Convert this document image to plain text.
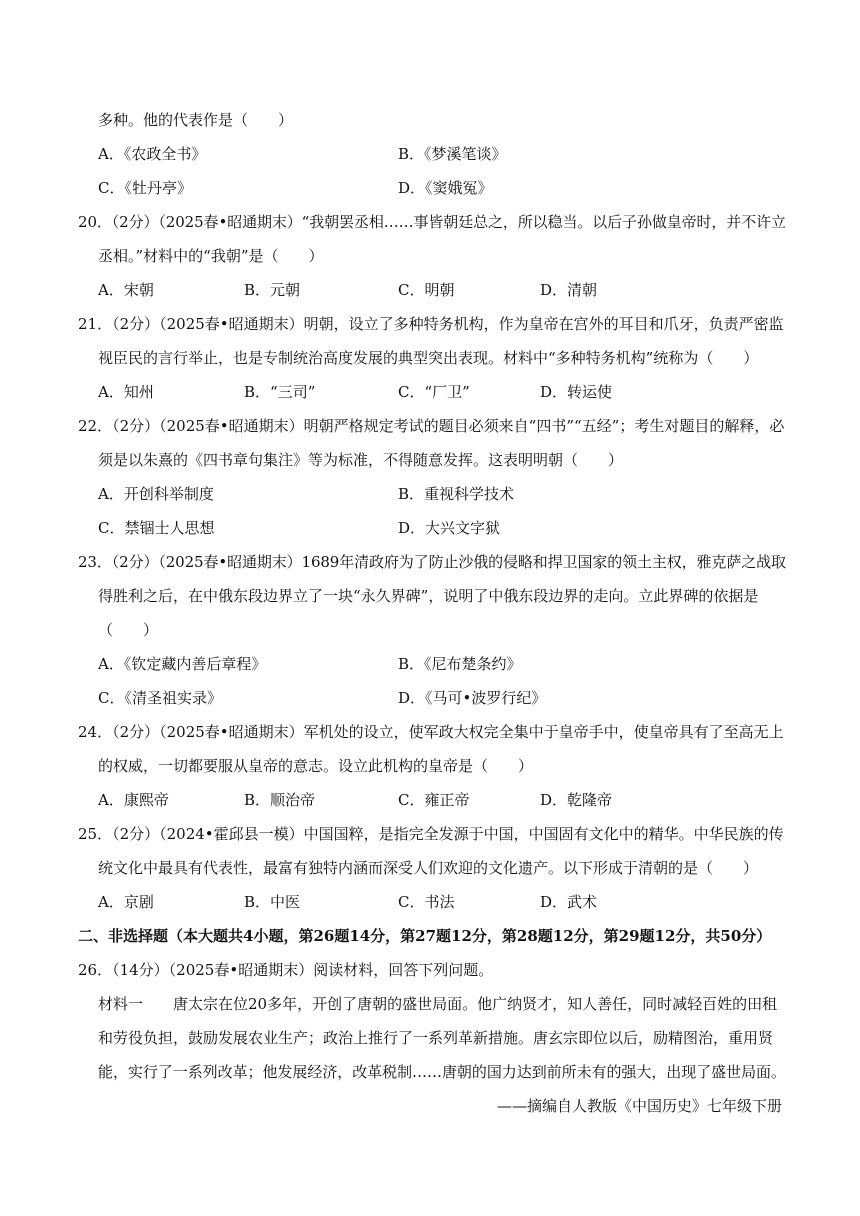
多种。他的代表作是（　　）
A．《农政全书》	B．《梦溪笔谈》
C．《牡丹亭》	D．《窦娥冤》
20．（2分）（2025春•昭通期末）“我朝罢丞相……事皆朝廷总之，所以稳当。以后子孙做皇帝时，并不许立
丞相。”材料中的“我朝”是（　　）
A．宋朝	B．元朝	C．明朝	D．清朝
21．（2分）（2025春•昭通期末）明朝，设立了多种特务机构，作为皇帝在宫外的耳目和爪牙，负责严密监
视臣民的言行举止，也是专制统治高度发展的典型突出表现。材料中“多种特务机构”统称为（　　）
A．知州	B．“三司”	C．“厂卫”	D．转运使
22．（2分）（2025春•昭通期末）明朝严格规定考试的题目必须来自“四书”“五经”；考生对题目的解释，必
须是以朱熹的《四书章句集注》等为标准，不得随意发挥。这表明明朝（　　）
A．开创科举制度	B．重视科学技术
C．禁锢士人思想	D．大兴文字狱
23．（2分）（2025春•昭通期末）1689年清政府为了防止沙俄的侵略和捍卫国家的领土主权，雅克萨之战取
得胜利之后，在中俄东段边界立了一块“永久界碑”，说明了中俄东段边界的走向。立此界碑的依据是
（　　）
A．《钦定藏内善后章程》	B．《尼布楚条约》
C．《清圣祖实录》	D．《马可•波罗行纪》
24．（2分）（2025春•昭通期末）军机处的设立，使军政大权完全集中于皇帝手中，使皇帝具有了至高无上
的权威，一切都要服从皇帝的意志。设立此机构的皇帝是（　　）
A．康熙帝	B．顺治帝	C．雍正帝	D．乾隆帝
25．（2分）（2024•霍邱县一模）中国国粹，是指完全发源于中国，中国固有文化中的精华。中华民族的传
统文化中最具有代表性，最富有独特内涵而深受人们欢迎的文化遗产。以下形成于清朝的是（　　）
A．京剧	B．中医	C．书法	D．武术
二、非选择题（本大题共4小题，第26题14分，第27题12分，第28题12分，第29题12分，共50分）
26．（14分）（2025春•昭通期末）阅读材料，回答下列问题。
材料一　　唐太宗在位20多年，开创了唐朝的盛世局面。他广纳贤才，知人善任，同时减轻百姓的田租
和劳役负担，鼓励发展农业生产；政治上推行了一系列革新措施。唐玄宗即位以后，励精图治，重用贤
能，实行了一系列改革；他发展经济，改革税制……唐朝的国力达到前所未有的强大，出现了盛世局面。
——摘编自人教版《中国历史》七年级下册
